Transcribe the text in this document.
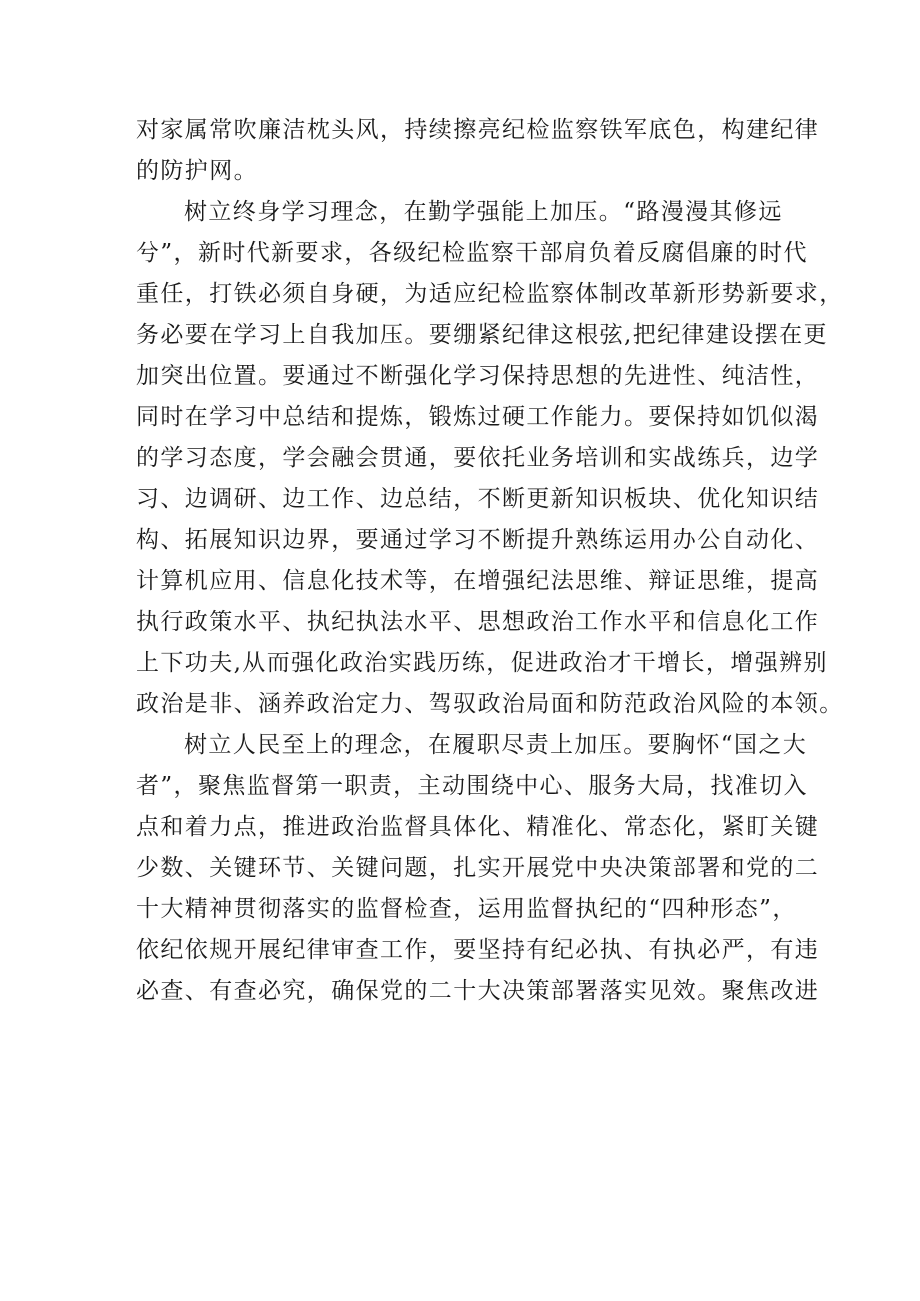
对家属常吹廉洁枕头风，持续擦亮纪检监察铁军底色，构建纪律
的防护网。
树立终身学习理念，在勤学强能上加压。“路漫漫其修远
兮”，新时代新要求，各级纪检监察干部肩负着反腐倡廉的时代
重任，打铁必须自身硬，为适应纪检监察体制改革新形势新要求，
务必要在学习上自我加压。要绷紧纪律这根弦,把纪律建设摆在更
加突出位置。要通过不断强化学习保持思想的先进性、纯洁性，
同时在学习中总结和提炼，锻炼过硬工作能力。要保持如饥似渴
的学习态度，学会融会贯通，要依托业务培训和实战练兵，边学
习、边调研、边工作、边总结，不断更新知识板块、优化知识结
构、拓展知识边界，要通过学习不断提升熟练运用办公自动化、
计算机应用、信息化技术等，在增强纪法思维、辩证思维，提高
执行政策水平、执纪执法水平、思想政治工作水平和信息化工作
上下功夫,从而强化政治实践历练，促进政治才干增长，增强辨别
政治是非、涵养政治定力、驾驭政治局面和防范政治风险的本领。
树立人民至上的理念，在履职尽责上加压。要胸怀“国之大
者”，聚焦监督第一职责，主动围绕中心、服务大局，找准切入
点和着力点，推进政治监督具体化、精准化、常态化，紧盯关键
少数、关键环节、关键问题，扎实开展党中央决策部署和党的二
十大精神贯彻落实的监督检查，运用监督执纪的“四种形态”，
依纪依规开展纪律审查工作，要坚持有纪必执、有执必严，有违
必查、有查必究，确保党的二十大决策部署落实见效。聚焦改进
